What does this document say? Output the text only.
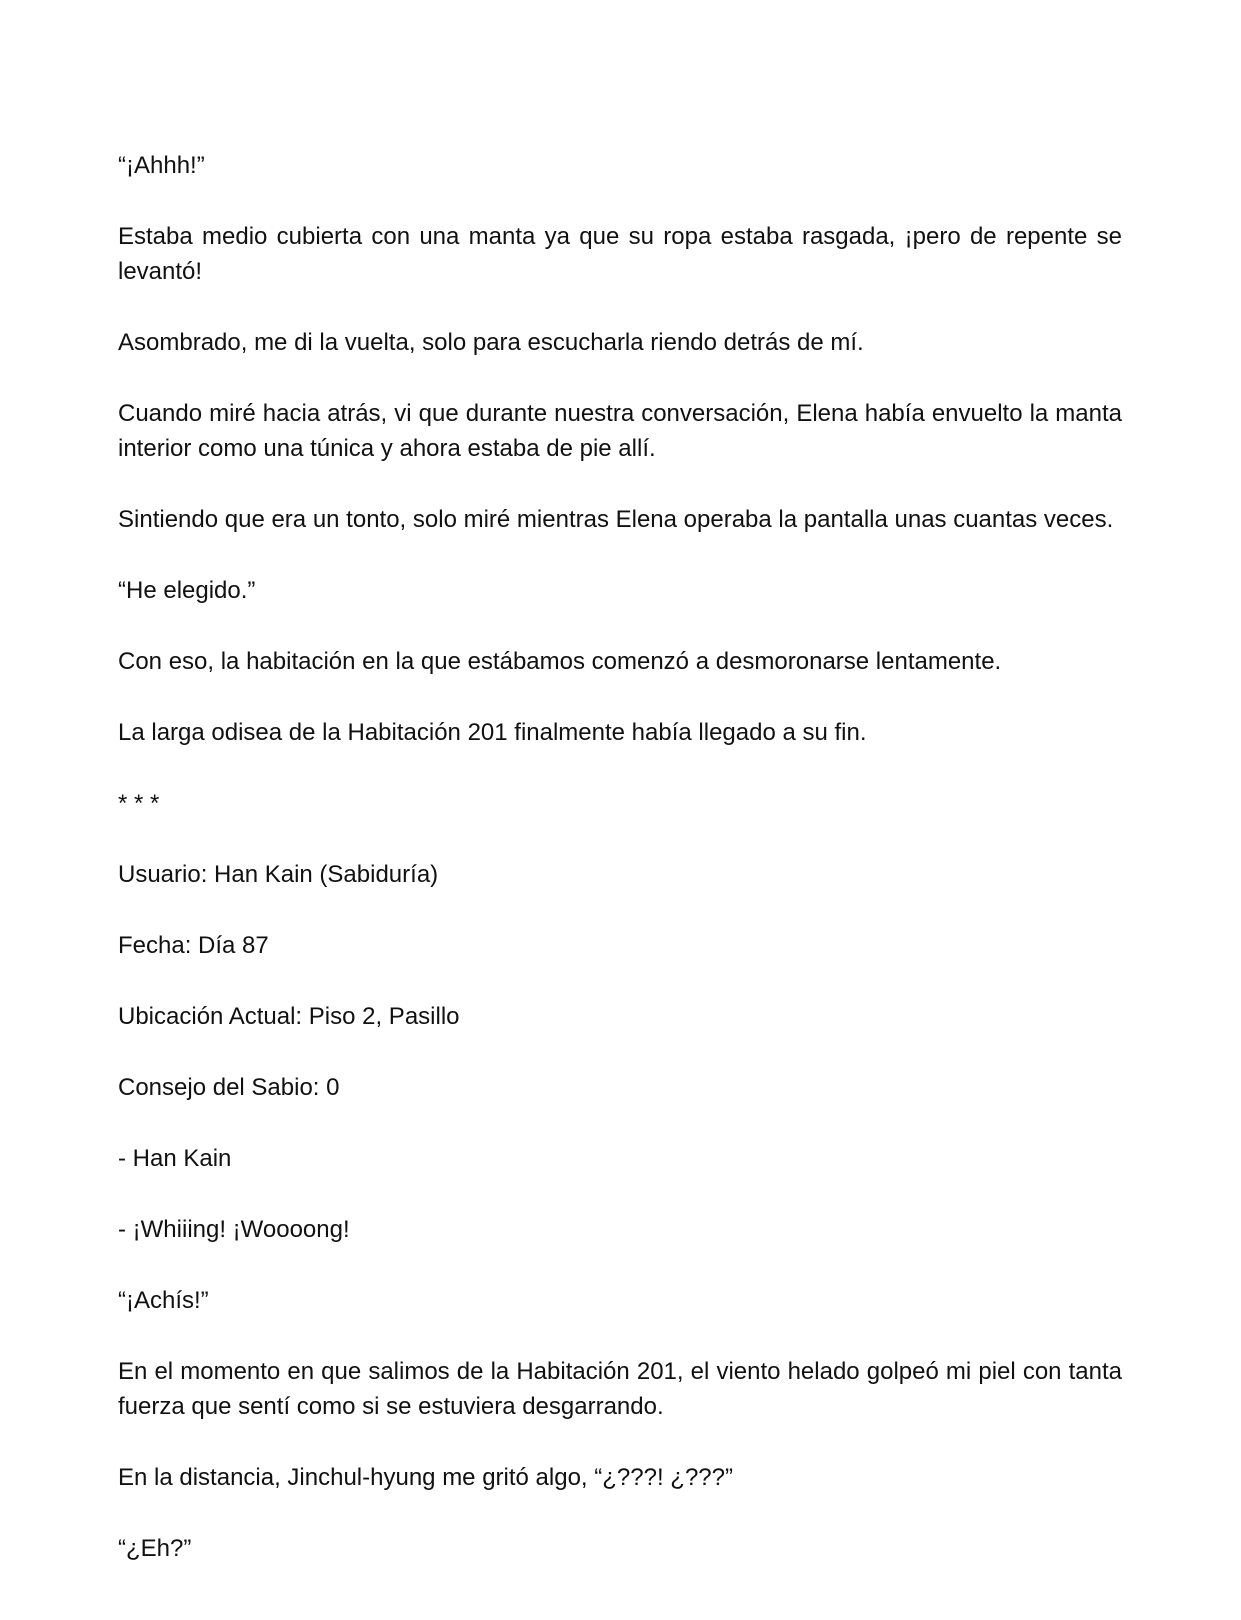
“¡Ahhh!”

Estaba medio cubierta con una manta ya que su ropa estaba rasgada, ¡pero de repente se levantó!

Asombrado, me di la vuelta, solo para escucharla riendo detrás de mí.

Cuando miré hacia atrás, vi que durante nuestra conversación, Elena había envuelto la manta interior como una túnica y ahora estaba de pie allí.

Sintiendo que era un tonto, solo miré mientras Elena operaba la pantalla unas cuantas veces.

“He elegido.”

Con eso, la habitación en la que estábamos comenzó a desmoronarse lentamente.

La larga odisea de la Habitación 201 finalmente había llegado a su fin.

* * *

Usuario: Han Kain (Sabiduría)

Fecha: Día 87

Ubicación Actual: Piso 2, Pasillo

Consejo del Sabio: 0

- Han Kain

- ¡Whiiing! ¡Woooong!

“¡Achís!”

En el momento en que salimos de la Habitación 201, el viento helado golpeó mi piel con tanta fuerza que sentí como si se estuviera desgarrando.

En la distancia, Jinchul-hyung me gritó algo, “¿???! ¿???”

“¿Eh?”
